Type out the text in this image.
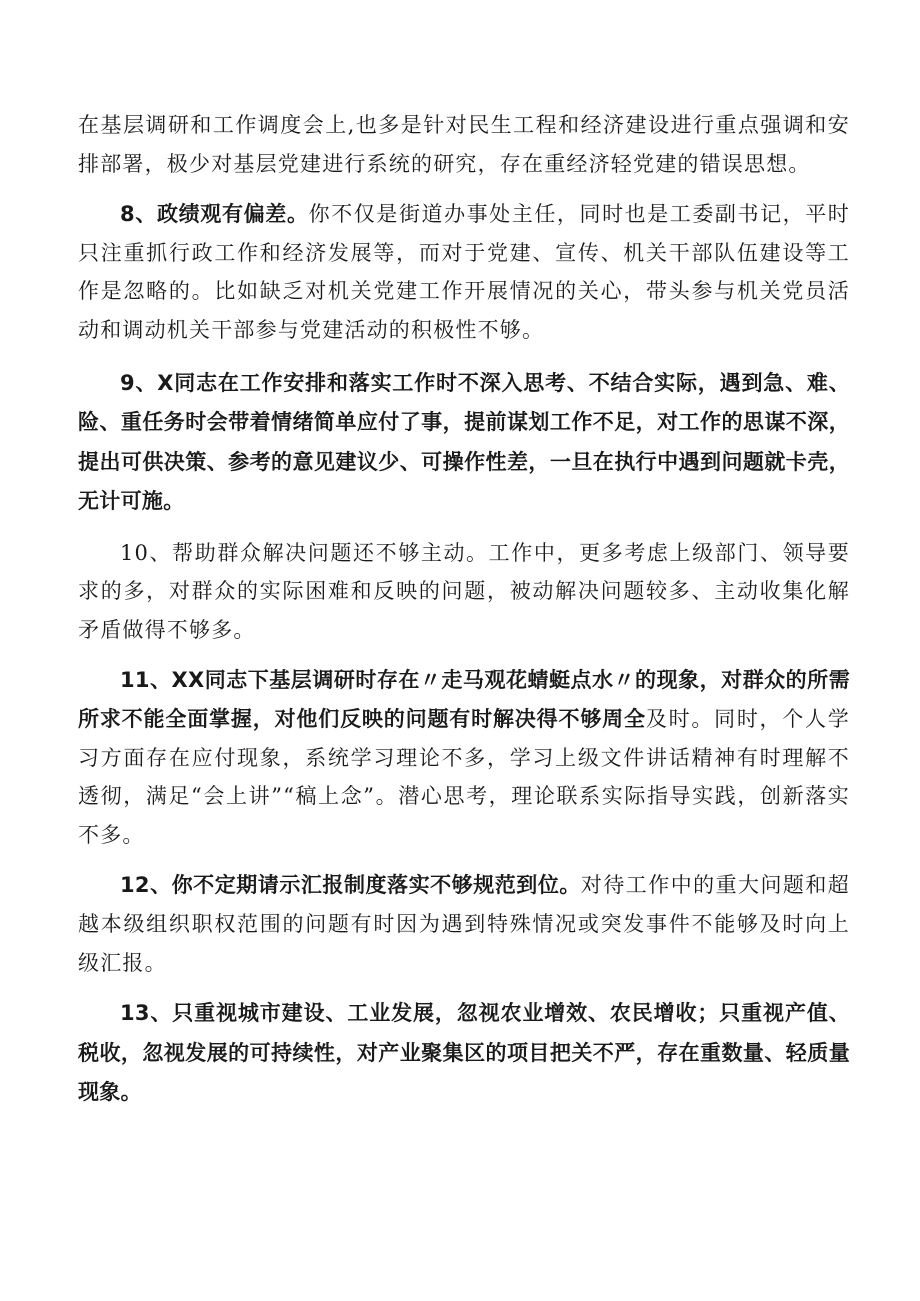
在基层调研和工作调度会上,也多是针对民生工程和经济建设进行重点强调和安排部署，极少对基层党建进行系统的研究，存在重经济轻党建的错误思想。

8、政绩观有偏差。你不仅是街道办事处主任，同时也是工委副书记，平时只注重抓行政工作和经济发展等，而对于党建、宣传、机关干部队伍建设等工作是忽略的。比如缺乏对机关党建工作开展情况的关心，带头参与机关党员活动和调动机关干部参与党建活动的积极性不够。

9、X同志在工作安排和落实工作时不深入思考、不结合实际，遇到急、难、险、重任务时会带着情绪简单应付了事，提前谋划工作不足，对工作的思谋不深，提出可供决策、参考的意见建议少、可操作性差，一旦在执行中遇到问题就卡壳，无计可施。

10、帮助群众解决问题还不够主动。工作中，更多考虑上级部门、领导要求的多，对群众的实际困难和反映的问题，被动解决问题较多、主动收集化解矛盾做得不够多。

11、XX同志下基层调研时存在〃走马观花蜻蜓点水〃的现象，对群众的所需所求不能全面掌握，对他们反映的问题有时解决得不够周全及时。同时，个人学习方面存在应付现象，系统学习理论不多，学习上级文件讲话精神有时理解不透彻，满足“会上讲”“稿上念”。潜心思考，理论联系实际指导实践，创新落实不多。

12、你不定期请示汇报制度落实不够规范到位。对待工作中的重大问题和超越本级组织职权范围的问题有时因为遇到特殊情况或突发事件不能够及时向上级汇报。

13、只重视城市建设、工业发展，忽视农业增效、农民增收；只重视产值、税收，忽视发展的可持续性，对产业聚集区的项目把关不严，存在重数量、轻质量现象。
